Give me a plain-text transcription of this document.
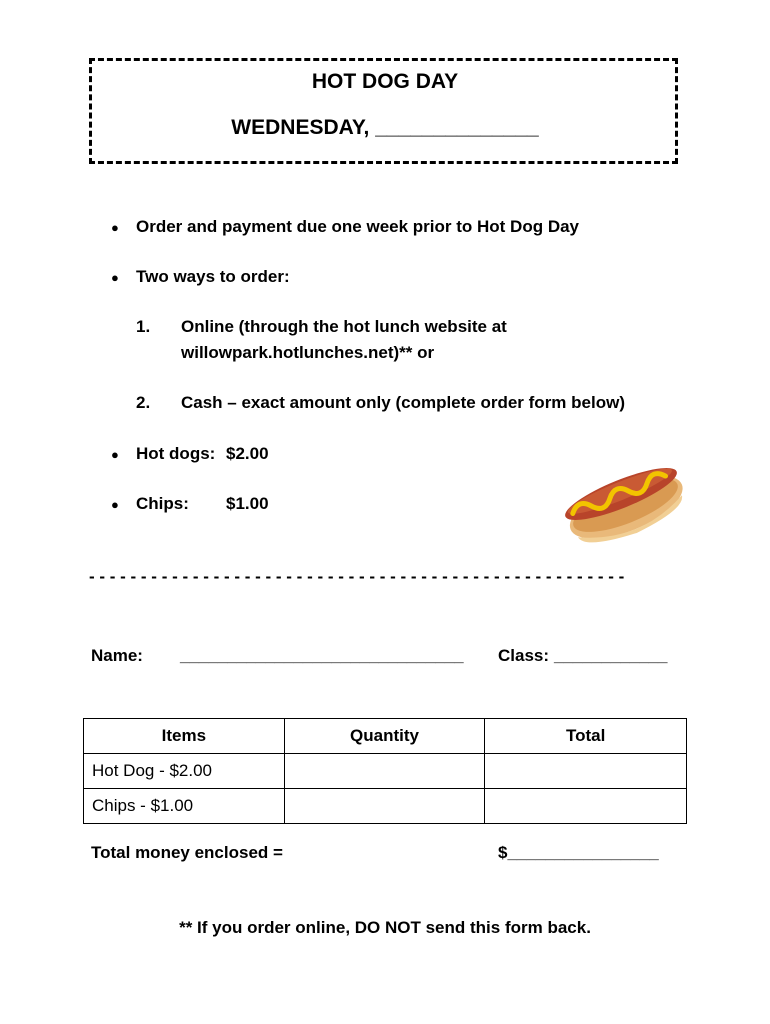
HOT DOG DAY
WEDNESDAY, ______________
● Order and payment due one week prior to Hot Dog Day
● Two ways to order:
1. Online (through the hot lunch website at
willowpark.hotlunches.net)** or
2. Cash – exact amount only (complete order form below)
● Hot dogs: $2.00
● Chips: $1.00
- - - - - - - - - - - - - - - - - - - - - - - - - - - - - - - - - - - - - - - - - - - - - - - - - - - -
Name: ______________________________ Class: ____________
Items	Quantity	Total
Hot Dog - $2.00		
Chips - $1.00		
Total money enclosed =	$________________
** If you order online, DO NOT send this form back.
